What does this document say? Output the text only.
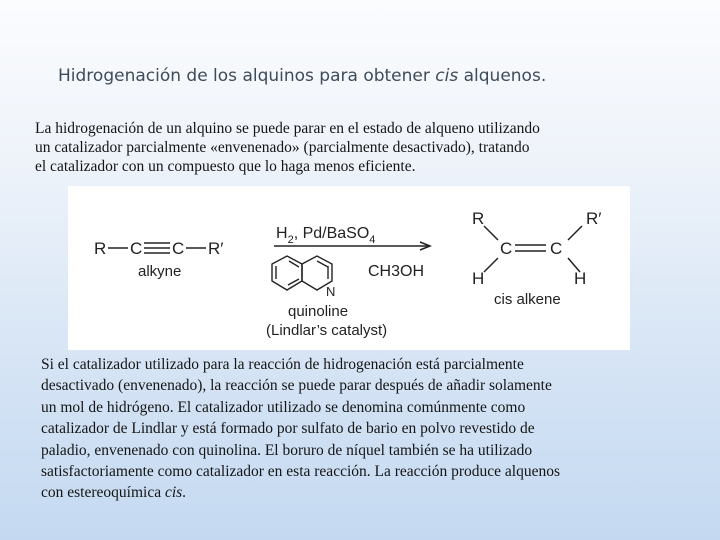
Hidrogenación de los alquinos para obtener cis alquenos.

La hidrogenación de un alquino se puede parar en el estado de alqueno utilizando
un catalizador parcialmente «envenenado» (parcialmente desactivado), tratando
el catalizador con un compuesto que lo haga menos eficiente.

R C C R′
alkyne
$H_2$, Pd/BaSO$_4$
N
CH3OH
quinoline
(Lindlar’s catalyst)
R	R′
C C
H	H
cis alkene

Si el catalizador utilizado para la reacción de hidrogenación está parcialmente
desactivado (envenenado), la reacción se puede parar después de añadir solamente
un mol de hidrógeno. El catalizador utilizado se denomina comúnmente como
catalizador de Lindlar y está formado por sulfato de bario en polvo revestido de
paladio, envenenado con quinolina. El boruro de níquel también se ha utilizado
satisfactoriamente como catalizador en esta reacción. La reacción produce alquenos
con estereoquímica cis.
